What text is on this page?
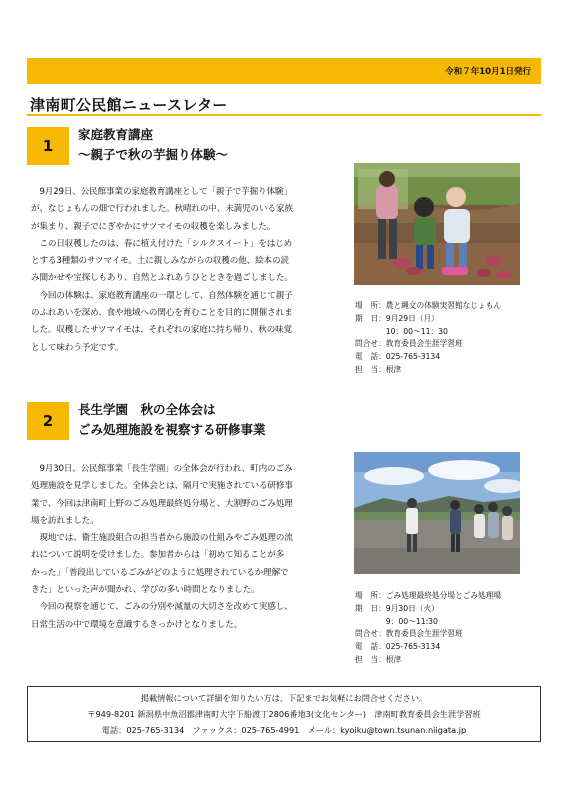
令和７年10月1日発行
津南町公民館ニュースレター
1
家庭教育講座
〜親子で秋の芋掘り体験〜

　9月29日、公民館事業の家庭教育講座として「親子で芋掘り体験」

が、なじょもんの畑で行われました。秋晴れの中、未満児のいる家族

が集まり、親子でにぎやかにサツマイモの収穫を楽しみました。

　この日収穫したのは、春に植え付けた「シルクスイート」をはじめ

とする3種類のサツマイモ。土に親しみながらの収穫の他、絵本の読

み聞かせや宝探しもあり、自然とふれあうひとときを過ごしました。

　今回の体験は、家庭教育講座の一環として、自然体験を通じて親子

のふれあいを深め、食や地域への関心を育むことを目的に開催されま

した。収穫したサツマイモは、それぞれの家庭に持ち帰り、秋の味覚

として味わう予定です。

場　所：農と縄文の体験実習館なじょもん
期　日：9月29日（月）
　　　　10：00～11：30
問合せ：教育委員会生涯学習班
電　話：025-765-3134
担　当：根津
2
長生学園　秋の全体会は
ごみ処理施設を視察する研修事業

　9月30日、公民館事業「長生学園」の全体会が行われ、町内のごみ

処理施設を見学しました。全体会とは、隔月で実施されている研修事

業で、今回は津南町上野のごみ処理最終処分場と、大割野のごみ処理

場を訪れました。

　現地では、衛生施設組合の担当者から施設の仕組みやごみ処理の流

れについて説明を受けました。参加者からは「初めて知ることが多

かった」「普段出しているごみがどのように処理されているか理解で

きた」といった声が聞かれ、学びの多い時間となりました。

　今回の視察を通じて、ごみの分別や減量の大切さを改めて実感し、

日常生活の中で環境を意識するきっかけとなりました。

場　所：ごみ処理最終処分場とごみ処理場
期　日：9月30日（火）
　　　　9：00～11:30
問合せ：教育委員会生涯学習班
電　話：025-765-3134
担　当：根津
掲載情報について詳細を知りたい方は、下記までお気軽にお問合せください。
〒949-8201 新潟県中魚沼郡津南町大字下船渡丁2806番地3(文化センター)　津南町教育委員会生涯学習班
電話：025-765-3134　ファックス：025-765-4991　メール：kyoiku@town.tsunan.niigata.jp
